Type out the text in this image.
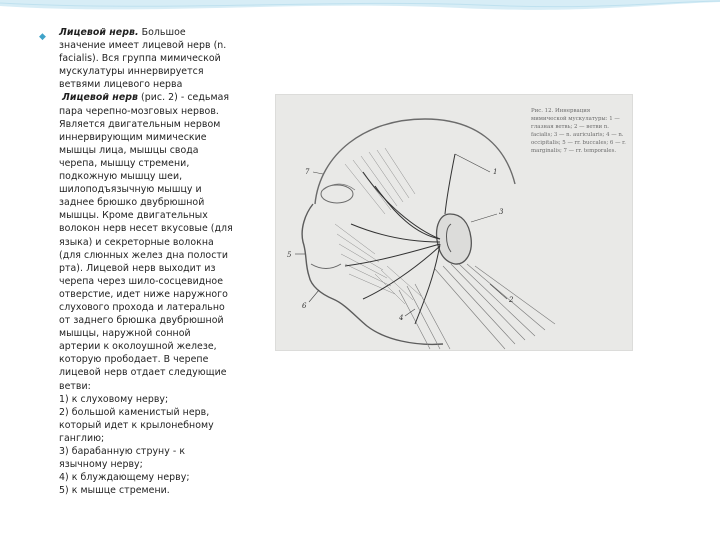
◆ Лицевой нерв. Большое значение имеет лицевой нерв (n. facialis). Вся группа мимической мускулатуры иннервируется ветвями лицевого нерва

Лицевой нерв (рис. 2) - седьмая пара черепно-мозговых нервов. Является двигательным нервом иннервирующим мимические мышцы лица, мышцы свода черепа, мышцу стремени, подкожную мышцу шеи, шилоподъязычную мышцу и заднее брюшко двубрюшной мышцы. Кроме двигательных волокон нерв несет вкусовые (для языка) и секреторные волокна (для слюнных желез дна полости рта). Лицевой нерв выходит из черепа через шило-сосцевидное отверстие, идет ниже наружного слухового прохода и латерально от заднего брюшка двубрюшной мышцы, наружной сонной артерии к околоушной железе, которую прободает. В черепе лицевой нерв отдает следующие ветви:

1) к слуховому нерву;
2) большой каменистый нерв, который идет к крылонебному ганглию;
3) барабанную струну - к язычному нерву;
4) к блуждающему нерву;
5) к мышце стремени.
1
2
3
4
5
6
7

Рис. 12. Иннервация мимической мускулатуры: 1 — глазная ветвь; 2 — ветви n. facialis; 3 — n. auricularis; 4 — n. occipitalis; 5 — rr. buccales; 6 — r. marginalis; 7 — rr. temporales.
